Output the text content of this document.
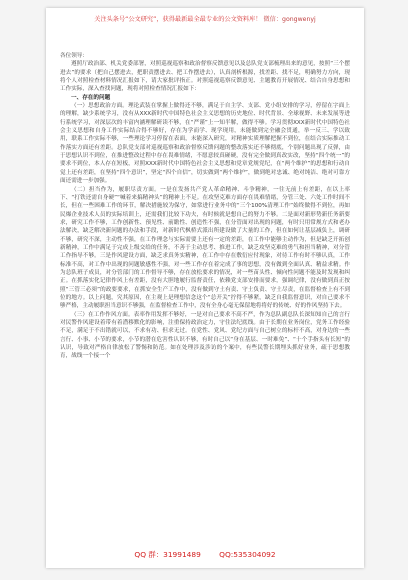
关注头条号“公文研究”，获得最新最全最专业的公文资料库！ 微信：gongwenyj

各位领导：

遵照厅政治部、机关党委部署，对照巡视巡察和政治督察反馈意见以及总队党支部梳理出来的意见，按照“三个摆进去”的要求（把自己摆进去，把职责摆进去、把工作摆进去），认真剖析根源，找差距、找不足，明确努力方向，现将个人对照检查材料情况汇报如下，请大家批评指正。对照巡视巡察反馈意见、主题教育开展情况、结合自身思想和工作实际，深入查找问题，现将对照检查情况汇报如下：

一、存在的问题

（一）思想政治方面。理论武装在掌握上做得还不够，满足于自主学、支部、党小组安排的学习，停留在字面上的理解，缺少系统学习，没有从XXX新时代中国特色社会主义思想的历史地位、时代背景、全球视野、未来发展等进行系统学习，对深层次的丰富内涵理解研读不够，在“严谨”上一知半解，做得不够。学习贯彻XXX新时代中国特色社会主义思想和自身工作实际结合得不够好，存在为学而学、现学现用，未能做到完全融会贯通，举一反三、学以致用，联系工作实际不够，一些理论学习停留在表面，未能深入研究，对精神实质理解把握不到位，在结合实际推动工作落实方面还有差距。总队党支部对巡视巡察和政治督察反馈问题的整改落实还不够彻底，个别问题出现了反弹，由于思想认识不到位，在推进整改过程中存在畏难情绪，不愿意较真碰硬，没有完全做到真改实改，坚持“四个统一”的要求不到位，本人存在短板，对照XXX新时代中国特色社会主义思想和党章党规党纪，在“两个维护”的思想和行动自觉上还有差距，在坚持“四个意识”，坚定“四个自信”，切实做到“两个维护”，做到绝对忠诚、绝对纯洁、绝对可靠方面还需进一步加强。

（二）担当作为，履职尽责方面。一是在发扬共产党人革命精神、斗争精神，一往无前上有差距，在以上率下、“打铁还需自身硬”“喊着来搞精神头”的精神上不足。在攻坚克难方面存在畏难情绪，分管三处、六处工作时间不长，但在一些困难工作的环节，解决措施较为保守，如常进行业务中的“三个100%清理工作”始终做得不到位，再如民爆企业技术人员的实际培训上，还需我们比较下功夫，有时候就是想自己的努力不够。二是面对新形势新任务新要求，研究工作不够，工作创新性、预见性、前瞻性、创造性不强，在分管面对出现的问题，有时只用常规方式和老办法解决，缺乏解决新问题的办法和手段，对新时代枫桥式派出所建设做了大量的工作，但在如何让基层减负上，调研不够，研究不深，主动性不强，在工作理念与实际需要上还有一定的差距，在工作中能够主动作为，但是缺乏开拓创新精神，工作中满足于完成上级交给的任务，不善于主动思考、推进工作，缺乏攻坚克难的勇气和担当精神，对分管工作指导不够。三是作风建设方面，缺乏求真务实精神，在工作中存在敷衍应付现象，对待工作有时不够认真，工作标准不高，对工作中出现的问题敏感性不强，对一些工作存在着完成了事的思想，没有做到全面认真、精益求精。作为总队班子成员，对分管部门的工作督导不够，存在放松要求的情况，对一些苗头性、倾向性问题不能及时发现和纠正。在抓落实化记律作风上有差距，没有大胆地履行监督责任，依赖党支部安排而要求，强调纪律，没有做到真正按照“三管三必须”的政要要求，在抓安全生产工作中，没有做到守土有责、守土负责、守土尽责，在监督检查上有不到位的地方。以上问题，究其原因，在主观上是理想信念这个“总开关”拧得不够紧，缺乏自我监督意识，对自己要求不够严格，主动履职担当意识不够强，在监督检查工作中，没有全身心毫无保留地将将好的传统、好的作风坚持下去。

（三）在工作作风方面。表率作用发挥不够好，一是对自己要求不高不严，作为总队副总队长深知知自己的言行对民警作风建设着带有着潜移默化的影响，注重保持政治定力，守住法纪底线。由于长期在业务岗位，党务工作经验不足，满足于不出错就可以，不求有功、但求无过。在党性、党风、党纪方面与自己树立的标杆不高，对身边的一些言行、小事、小节的要求，小节的潜在危害性认识不够，有时自己以“身在基层、一时难免”、“十个手指头有长短”的认识，导致对严格自律放松了警惕和防范。如在处理涉及涉访的个案中，有些民警长期埋头抓好业务，疏于思想教育，战线一个接一个

QQ 群：31991489 QQ:535304092
